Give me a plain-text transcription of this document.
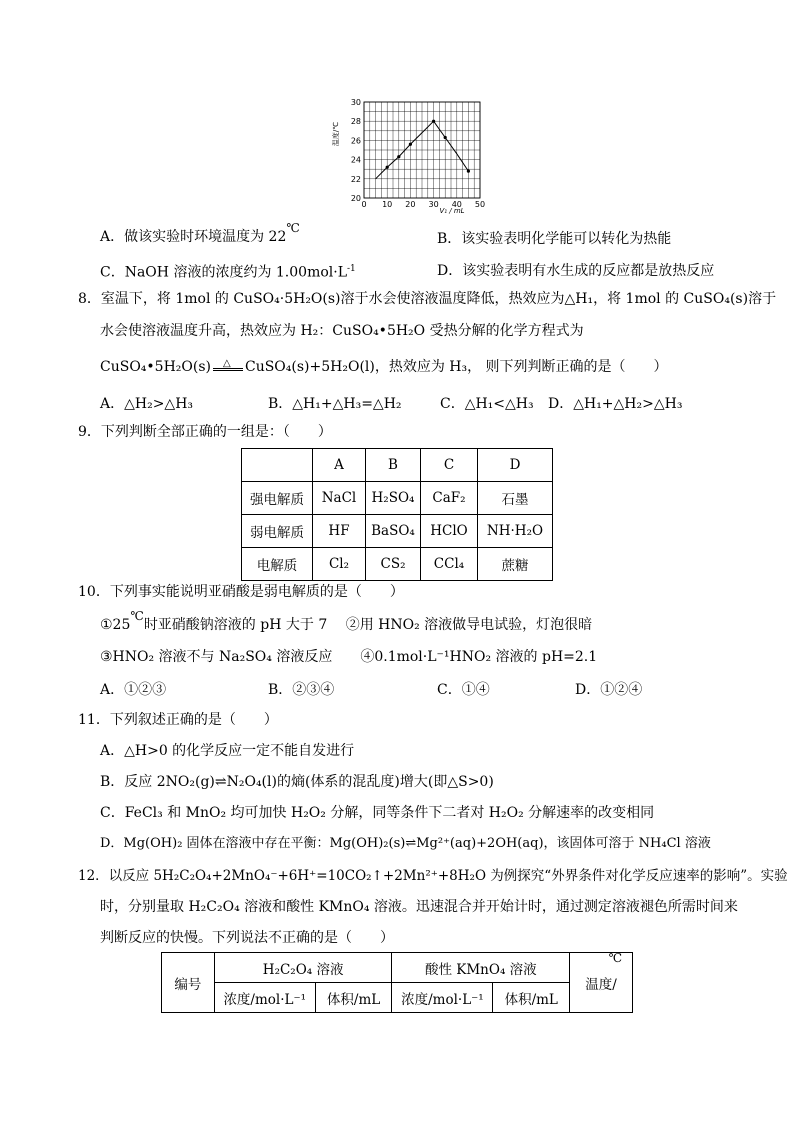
0 10 20 30 40 50
20
22
24
26
28
30
温度/℃
V₁ / mL
A．做该实验时环境温度为 22℃
B．该实验表明化学能可以转化为热能
C．NaOH 溶液的浓度约为 $1.00mol\cdot L^{-1}$	D．该实验表明有水生成的反应都是放热反应
8．室温下，将 1mol 的 CuSO₄·5H₂O(s)溶于水会使溶液温度降低，热效应为△H₁，将 1mol 的 CuSO₄(s)溶于
水会使溶液温度升高，热效应为 H₂：CuSO₄•5H₂O 受热分解的化学方程式为
CuSO₄•5H₂O(s) △ CuSO₄(s)+5H₂O(l)，热效应为 H₃， 则下列判断正确的是（　　）
A．△H₂>△H₃	B．△H₁+△H₃=△H₂	C．△H₁<△H₃ D．△H₁+△H₂>△H₃
9．下列判断全部正确的一组是：（　　）
	A	B	C	D
强电解质	NaCl	H₂SO₄	CaF₂	石墨
弱电解质	HF	BaSO₄	HClO	NH·H₂O
电解质	Cl₂	CS₂	CCl₄	蔗糖
10．下列事实能说明亚硝酸是弱电解质的是（　　）
①25℃时亚硝酸钠溶液的 pH 大于 7　 ②用 HNO₂ 溶液做导电试验，灯泡很暗
③HNO₂ 溶液不与 Na₂SO₄ 溶液反应　　④0.1mol·L⁻¹HNO₂ 溶液的 pH=2.1
A．①②③	B．②③④	C．①④	D．①②④
11．下列叙述正确的是（　　）
A．△H>0 的化学反应一定不能自发进行
B．反应 2NO₂(g)⇌N₂O₄(l)的熵(体系的混乱度)增大(即△S>0)
C．FeCl₃ 和 MnO₂ 均可加快 H₂O₂ 分解，同等条件下二者对 H₂O₂ 分解速率的改变相同
D．Mg(OH)₂ 固体在溶液中存在平衡：Mg(OH)₂(s)⇌Mg²⁺(aq)+2OH(aq)，该固体可溶于 NH₄Cl 溶液
12．以反应 5H₂C₂O₄+2MnO₄⁻+6H⁺=10CO₂↑+2Mn²⁺+8H₂O 为例探究“外界条件对化学反应速率的影响”。实验
时，分别量取 H₂C₂O₄ 溶液和酸性 KMnO₄ 溶液。迅速混合并开始计时，通过测定溶液褪色所需时间来
判断反应的快慢。下列说法不正确的是（　　）
编号	H₂C₂O₄ 溶液		酸性 KMnO₄ 溶液		℃
温度/
	浓度/mol·L⁻¹	体积/mL	浓度/mol·L⁻¹	体积/mL	
